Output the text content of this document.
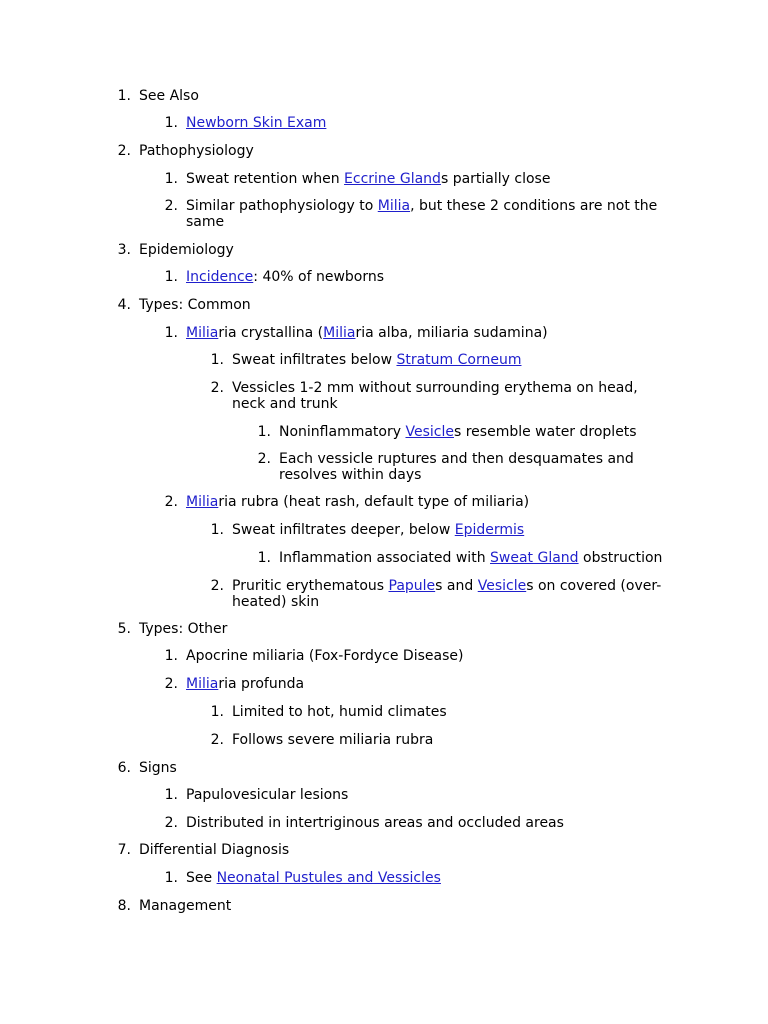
1. See Also
1. Newborn Skin Exam
2. Pathophysiology
1. Sweat retention when Eccrine Glands partially close
2. Similar pathophysiology to Milia, but these 2 conditions are not the
same
3. Epidemiology
1. Incidence: 40% of newborns
4. Types: Common
1. Miliaria crystallina (Miliaria alba, miliaria sudamina)
1. Sweat infiltrates below Stratum Corneum
2. Vessicles 1-2 mm without surrounding erythema on head,
neck and trunk
1. Noninflammatory Vesicles resemble water droplets
2. Each vessicle ruptures and then desquamates and
resolves within days
2. Miliaria rubra (heat rash, default type of miliaria)
1. Sweat infiltrates deeper, below Epidermis
1. Inflammation associated with Sweat Gland obstruction
2. Pruritic erythematous Papules and Vesicles on covered (over-
heated) skin
5. Types: Other
1. Apocrine miliaria (Fox-Fordyce Disease)
2. Miliaria profunda
1. Limited to hot, humid climates
2. Follows severe miliaria rubra
6. Signs
1. Papulovesicular lesions
2. Distributed in intertriginous areas and occluded areas
7. Differential Diagnosis
1. See Neonatal Pustules and Vessicles
8. Management
